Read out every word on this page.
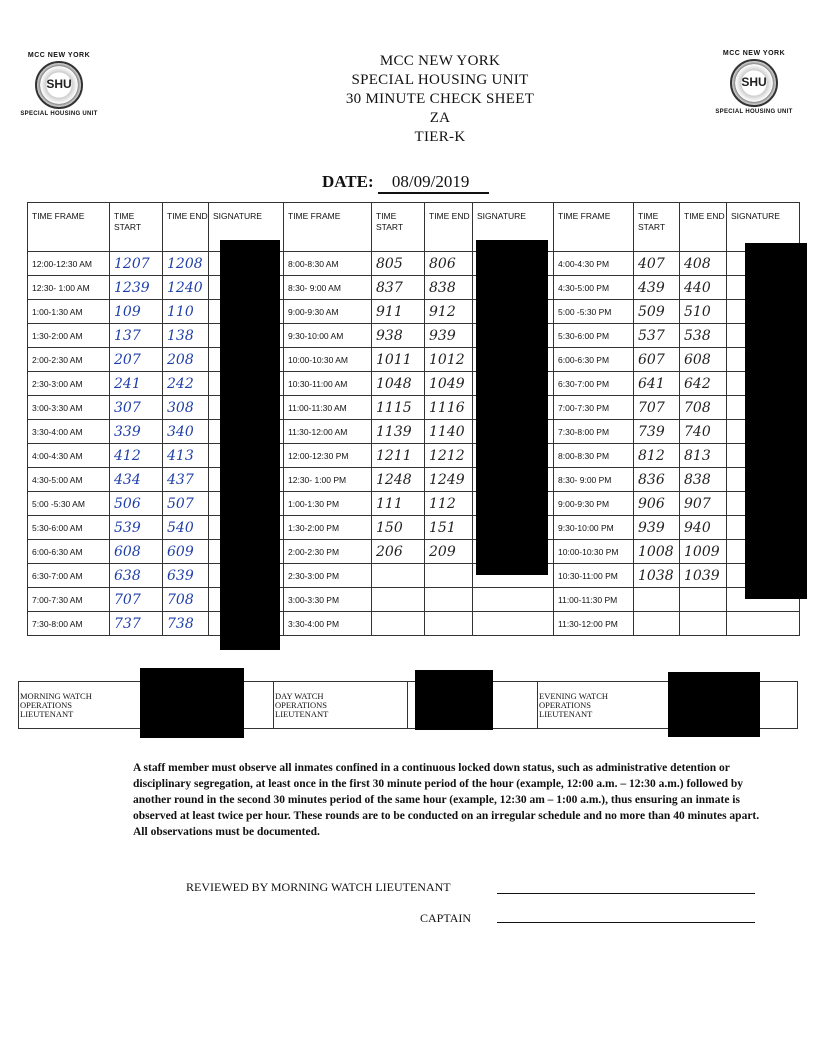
MCC NEW YORK
SHU
SPECIAL HOUSING UNIT
MCC NEW YORK
SHU
SPECIAL HOUSING UNIT
MCC NEW YORK
SPECIAL HOUSING UNIT
30 MINUTE CHECK SHEET
ZA
TIER-K
DATE: 08/09/2019
TIME FRAME	TIME START	TIME END	SIGNATURE	TIME FRAME	TIME START	TIME END	SIGNATURE	TIME FRAME	TIME START	TIME END	SIGNATURE
12:00-12:30 AM	1207	1208		8:00-8:30 AM	805	806		4:00-4:30 PM	407	408	
12:30- 1:00 AM	1239	1240		8:30- 9:00 AM	837	838		4:30-5:00 PM	439	440	
1:00-1:30 AM	109	110		9:00-9:30 AM	911	912		5:00 -5:30 PM	509	510	
1:30-2:00 AM	137	138		9:30-10:00 AM	938	939		5:30-6:00 PM	537	538	
2:00-2:30 AM	207	208		10:00-10:30 AM	1011	1012		6:00-6:30 PM	607	608	
2:30-3:00 AM	241	242		10:30-11:00 AM	1048	1049		6:30-7:00 PM	641	642	
3:00-3:30 AM	307	308		11:00-11:30 AM	1115	1116		7:00-7:30 PM	707	708	
3:30-4:00 AM	339	340		11:30-12:00 AM	1139	1140		7:30-8:00 PM	739	740	
4:00-4:30 AM	412	413		12:00-12:30 PM	1211	1212		8:00-8:30 PM	812	813	
4:30-5:00 AM	434	437		12:30- 1:00 PM	1248	1249		8:30- 9:00 PM	836	838	
5:00 -5:30 AM	506	507		1:00-1:30 PM	111	112		9:00-9:30 PM	906	907	
5:30-6:00 AM	539	540		1:30-2:00 PM	150	151		9:30-10:00 PM	939	940	
6:00-6:30 AM	608	609		2:00-2:30 PM	206	209		10:00-10:30 PM	1008	1009	
6:30-7:00 AM	638	639		2:30-3:00 PM				10:30-11:00 PM	1038	1039	
7:00-7:30 AM	707	708		3:00-3:30 PM				11:00-11:30 PM			
7:30-8:00 AM	737	738		3:30-4:00 PM				11:30-12:00 PM			
MORNING WATCH OPERATIONS LIEUTENANT
DAY WATCH OPERATIONS LIEUTENANT
EVENING WATCH OPERATIONS LIEUTENANT
A staff member must observe all inmates confined in a continuous locked down status, such as administrative detention or disciplinary segregation, at least once in the first 30 minute period of the hour (example, 12:00 a.m. – 12:30 a.m.) followed by another round in the second 30 minutes period of the same hour (example, 12:30 am – 1:00 a.m.), thus ensuring an inmate is observed at least twice per hour. These rounds are to be conducted on an irregular schedule and no more than 40 minutes apart. All observations must be documented.
REVIEWED BY MORNING WATCH LIEUTENANT
CAPTAIN
